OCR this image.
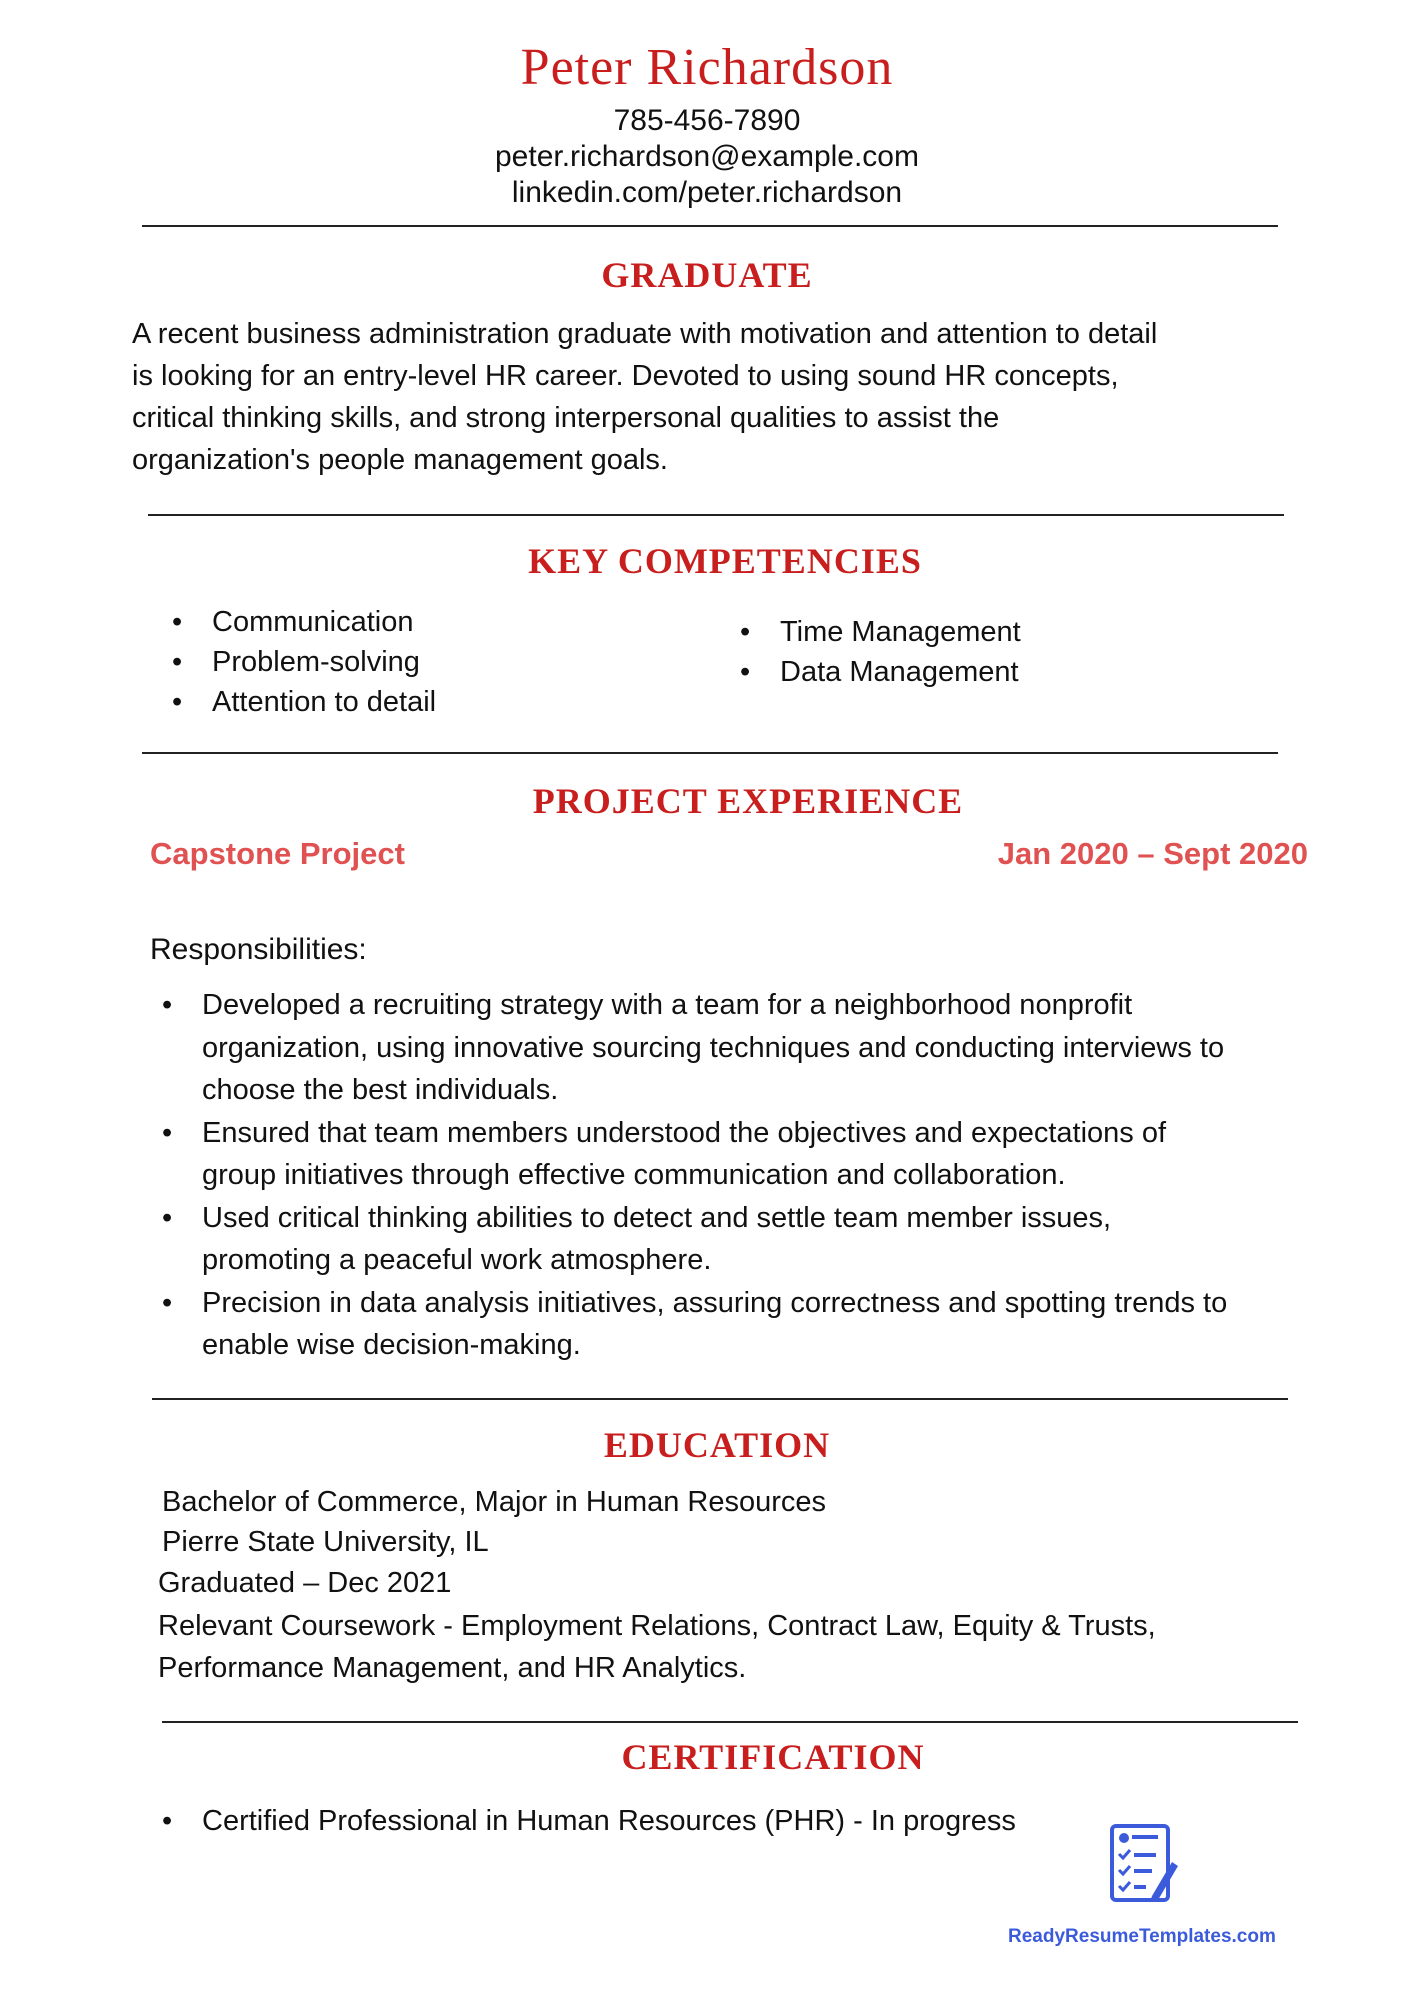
Peter Richardson
785-456-7890
peter.richardson@example.com
linkedin.com/peter.richardson
GRADUATE
A recent business administration graduate with motivation and attention to detail
is looking for an entry-level HR career. Devoted to using sound HR concepts,
critical thinking skills, and strong interpersonal qualities to assist the
organization's people management goals.
KEY COMPETENCIES
• Communication
• Problem-solving
• Attention to detail
• Time Management
• Data Management
PROJECT EXPERIENCE
Capstone Project	Jan 2020 – Sept 2020
Responsibilities:
• Developed a recruiting strategy with a team for a neighborhood nonprofit
organization, using innovative sourcing techniques and conducting interviews to
choose the best individuals.
• Ensured that team members understood the objectives and expectations of
group initiatives through effective communication and collaboration.
• Used critical thinking abilities to detect and settle team member issues,
promoting a peaceful work atmosphere.
• Precision in data analysis initiatives, assuring correctness and spotting trends to
enable wise decision-making.
EDUCATION
Bachelor of Commerce, Major in Human Resources
Pierre State University, IL
Graduated – Dec 2021
Relevant Coursework - Employment Relations, Contract Law, Equity & Trusts,
Performance Management, and HR Analytics.
CERTIFICATION
• Certified Professional in Human Resources (PHR) - In progress
ReadyResumeTemplates.com
